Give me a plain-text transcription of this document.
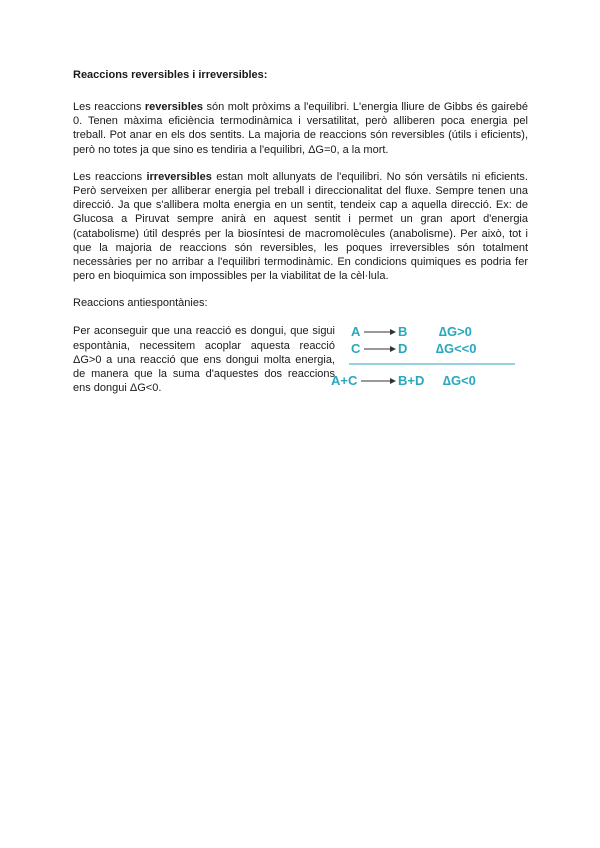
Reaccions reversibles i irreversibles:

Les reaccions reversibles són molt pròxims a l'equilibri. L'energia lliure de Gibbs és gairebé 0. Tenen màxima eficiència termodinàmica i versatilitat, però alliberen poca energia pel treball. Pot anar en els dos sentits. La majoria de reaccions són reversibles (útils i eficients), però no totes ja que sino es tendiria a l'equilibri, ΔG=0, a la mort.

Les reaccions irreversibles estan molt allunyats de l'equilibri. No són versàtils ni eficients. Però serveixen per alliberar energia pel treball i direccionalitat del fluxe. Sempre tenen una direcció. Ja que s'allibera molta energia en un sentit, tendeix cap a aquella direcció. Ex: de Glucosa a Piruvat sempre anirà en aquest sentit i permet un gran aport d'energia (catabolisme) útil després per la biosíntesi de macromolècules (anabolisme). Per això, tot i que la majoria de reaccions són reversibles, les poques irreversibles són totalment necessàries per no arribar a l'equilibri termodinàmic. En condicions quimiques es podria fer pero en bioquimica son impossibles per la viabilitat de la cèl·lula.

Reaccions antiespontànies:

Per aconseguir que una reacció es dongui, que sigui espontània, necessitem acoplar aquesta reacció ΔG>0 a una reacció que ens dongui molta energia, de manera que la suma d'aquestes dos reaccions ens dongui ΔG<0.
A	B ∆G>0
C	D ∆G<<0
A+C	B+D ∆G<0
